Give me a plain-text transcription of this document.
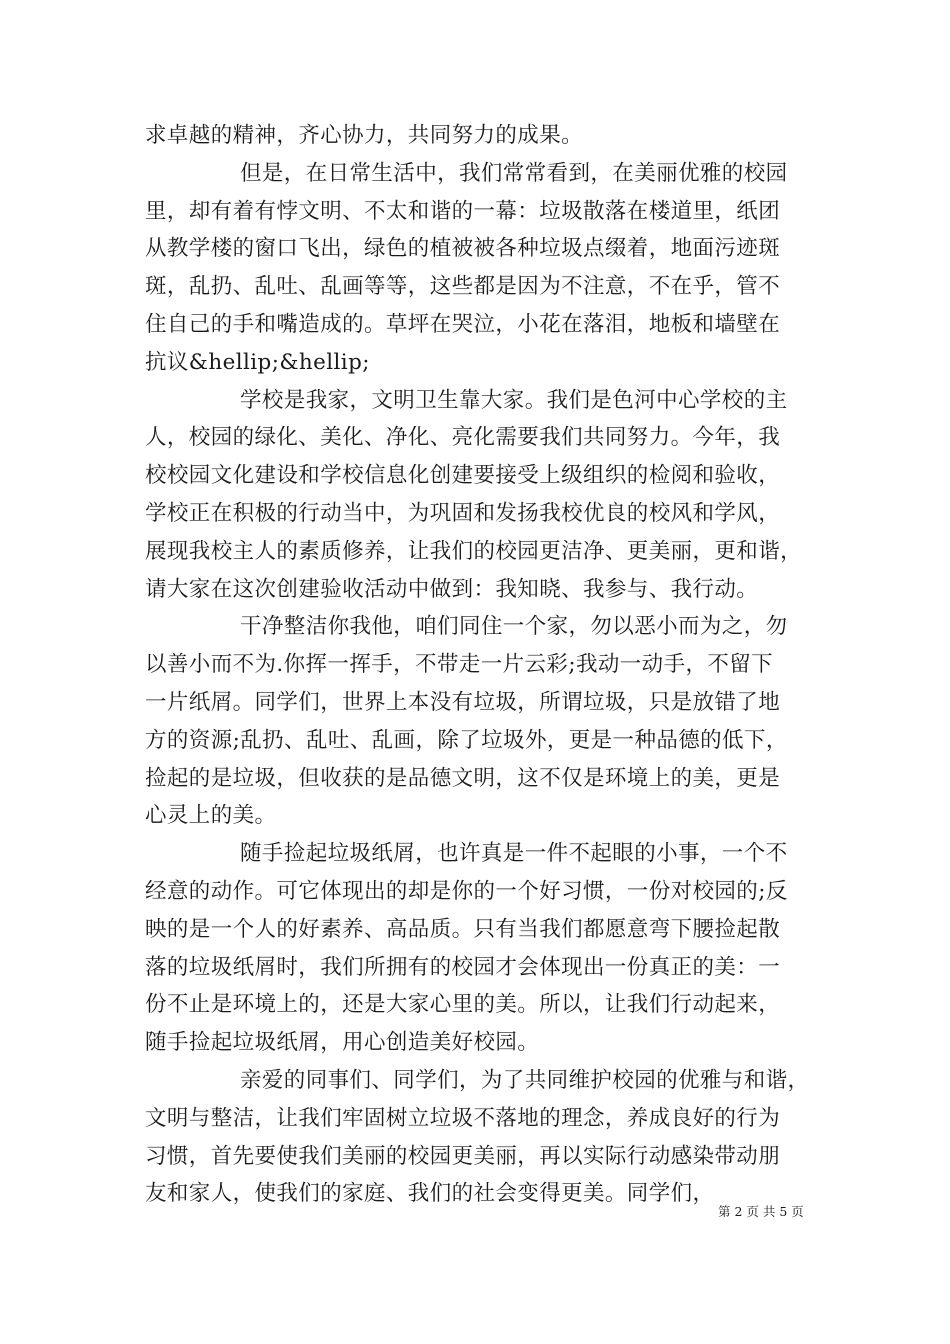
求卓越的精神，齐心协力，共同努力的成果。
但是，在日常生活中，我们常常看到，在美丽优雅的校园
里，却有着有悖文明、不太和谐的一幕：垃圾散落在楼道里，纸团
从教学楼的窗口飞出，绿色的植被被各种垃圾点缀着，地面污迹斑
斑，乱扔、乱吐、乱画等等，这些都是因为不注意，不在乎，管不
住自己的手和嘴造成的。草坪在哭泣，小花在落泪，地板和墙壁在
抗议&hellip;&hellip;
学校是我家，文明卫生靠大家。我们是色河中心学校的主
人，校园的绿化、美化、净化、亮化需要我们共同努力。今年，我
校校园文化建设和学校信息化创建要接受上级组织的检阅和验收，
学校正在积极的行动当中，为巩固和发扬我校优良的校风和学风，
展现我校主人的素质修养，让我们的校园更洁净、更美丽，更和谐，
请大家在这次创建验收活动中做到：我知晓、我参与、我行动。
干净整洁你我他，咱们同住一个家，勿以恶小而为之，勿
以善小而不为.你挥一挥手，不带走一片云彩;我动一动手，不留下
一片纸屑。同学们，世界上本没有垃圾，所谓垃圾，只是放错了地
方的资源;乱扔、乱吐、乱画，除了垃圾外，更是一种品德的低下，
捡起的是垃圾，但收获的是品德文明，这不仅是环境上的美，更是
心灵上的美。
随手捡起垃圾纸屑，也许真是一件不起眼的小事，一个不
经意的动作。可它体现出的却是你的一个好习惯，一份对校园的;反
映的是一个人的好素养、高品质。只有当我们都愿意弯下腰捡起散
落的垃圾纸屑时，我们所拥有的校园才会体现出一份真正的美：一
份不止是环境上的，还是大家心里的美。所以，让我们行动起来，
随手捡起垃圾纸屑，用心创造美好校园。
亲爱的同事们、同学们，为了共同维护校园的优雅与和谐，
文明与整洁，让我们牢固树立垃圾不落地的理念，养成良好的行为
习惯，首先要使我们美丽的校园更美丽，再以实际行动感染带动朋
友和家人，使我们的家庭、我们的社会变得更美。同学们，
第 2 页 共 5 页
